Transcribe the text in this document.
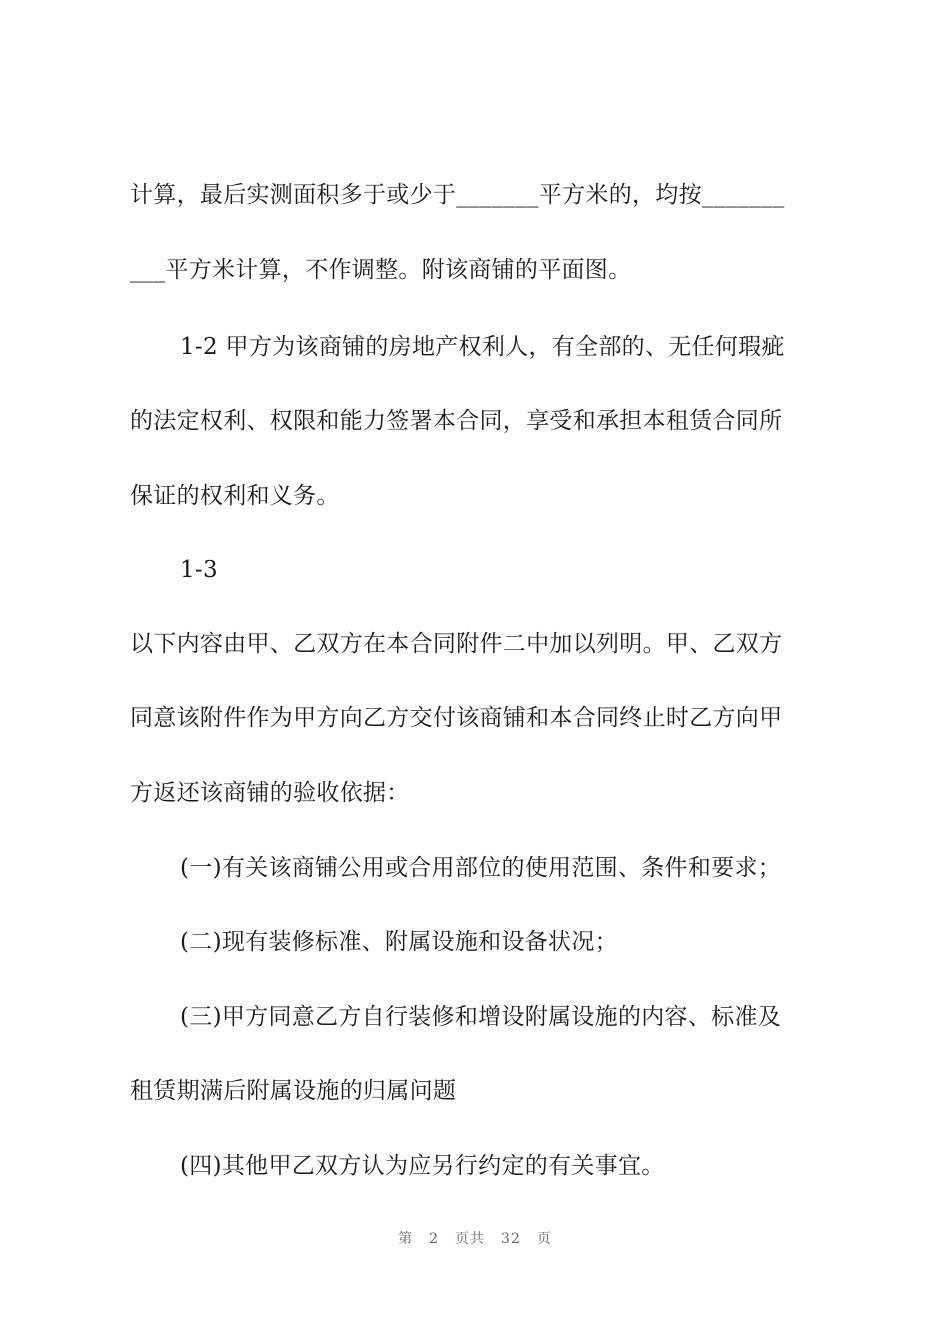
计算，最后实测面积多于或少于_______平方米的，均按_______
___平方米计算，不作调整。附该商铺的平面图。
1-2 甲方为该商铺的房地产权利人，有全部的、无任何瑕疵
的法定权利、权限和能力签署本合同，享受和承担本租赁合同所
保证的权利和义务。
1-3
以下内容由甲、乙双方在本合同附件二中加以列明。甲、乙双方
同意该附件作为甲方向乙方交付该商铺和本合同终止时乙方向甲
方返还该商铺的验收依据：
(一)有关该商铺公用或合用部位的使用范围、条件和要求；
(二)现有装修标准、附属设施和设备状况；
(三)甲方同意乙方自行装修和增设附属设施的内容、标准及
租赁期满后附属设施的归属问题
(四)其他甲乙双方认为应另行约定的有关事宜。
第 2 页共 32 页
